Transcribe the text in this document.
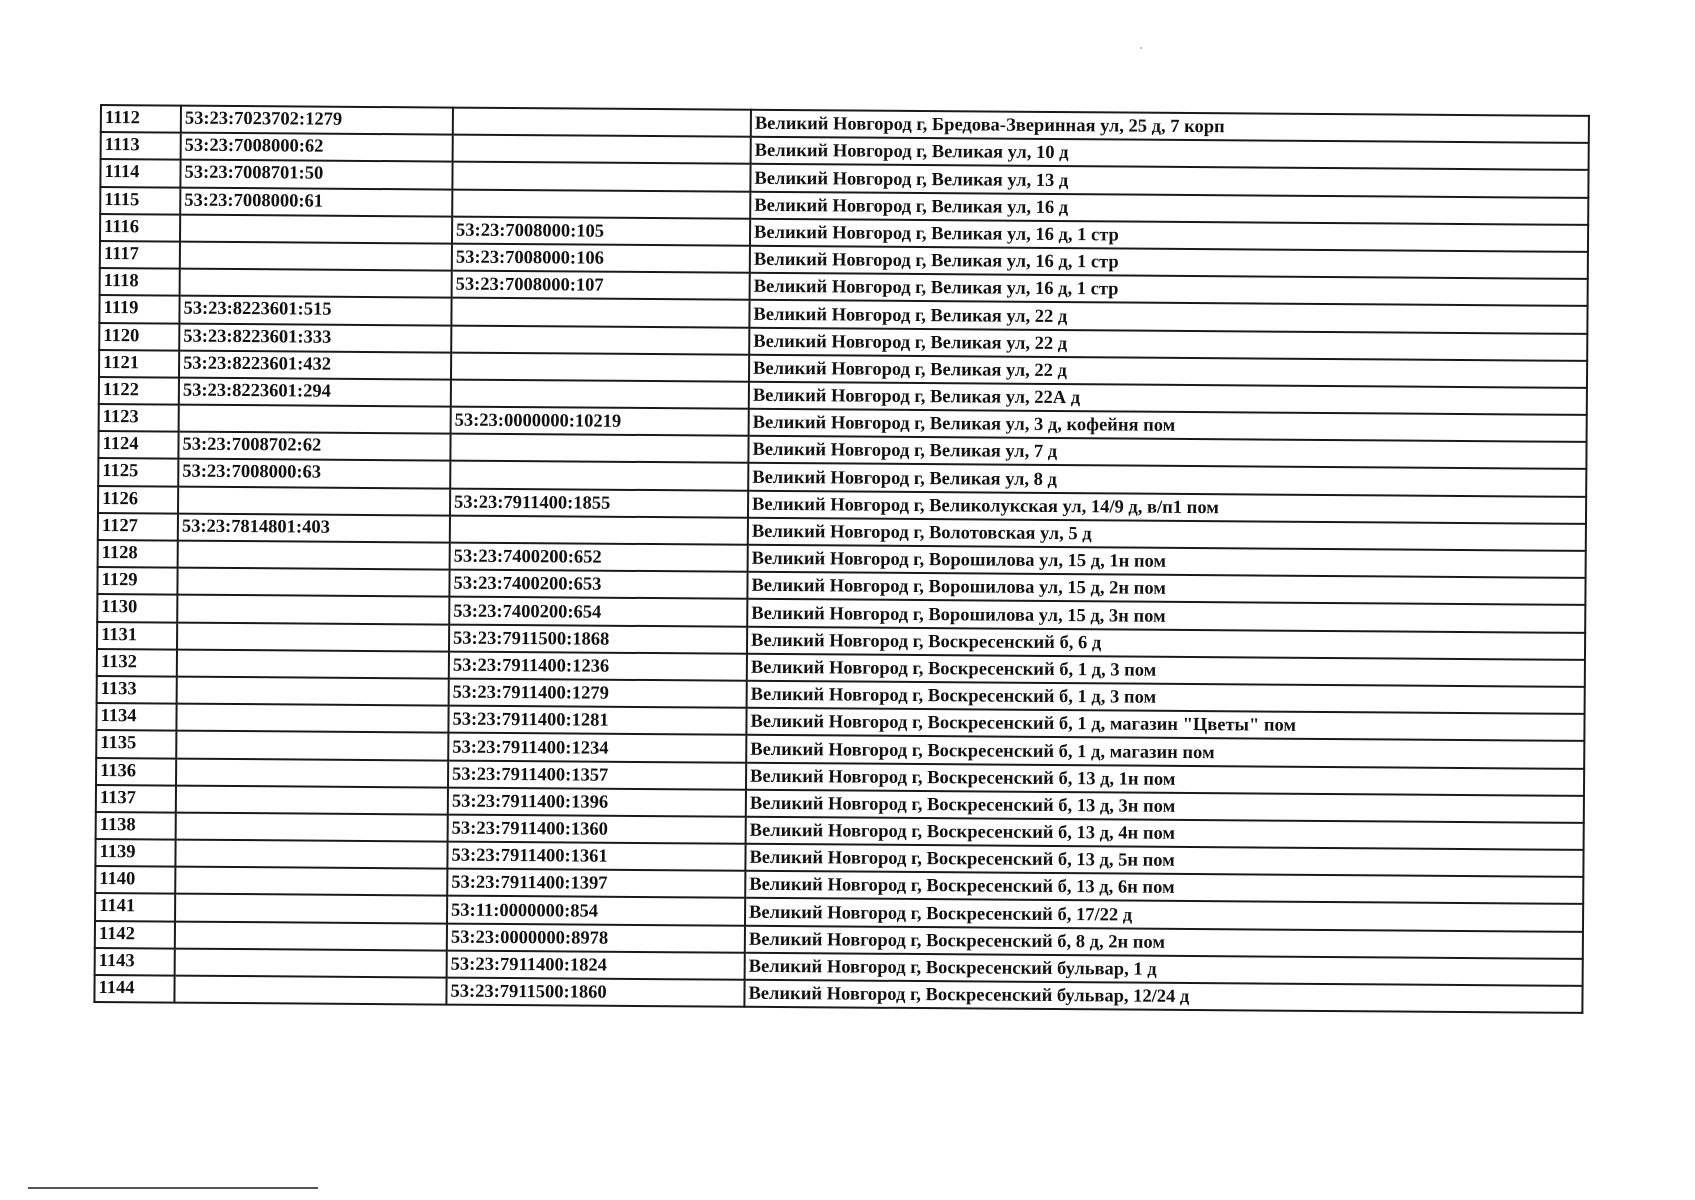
1112	53:23:7023702:1279		Великий Новгород г, Бредова-Зверинная ул, 25 д, 7 корп
1113	53:23:7008000:62		Великий Новгород г, Великая ул, 10 д
1114	53:23:7008701:50		Великий Новгород г, Великая ул, 13 д
1115	53:23:7008000:61		Великий Новгород г, Великая ул, 16 д
1116		53:23:7008000:105	Великий Новгород г, Великая ул, 16 д, 1 стр
1117		53:23:7008000:106	Великий Новгород г, Великая ул, 16 д, 1 стр
1118		53:23:7008000:107	Великий Новгород г, Великая ул, 16 д, 1 стр
1119	53:23:8223601:515		Великий Новгород г, Великая ул, 22 д
1120	53:23:8223601:333		Великий Новгород г, Великая ул, 22 д
1121	53:23:8223601:432		Великий Новгород г, Великая ул, 22 д
1122	53:23:8223601:294		Великий Новгород г, Великая ул, 22А д
1123		53:23:0000000:10219	Великий Новгород г, Великая ул, 3 д, кофейня пом
1124	53:23:7008702:62		Великий Новгород г, Великая ул, 7 д
1125	53:23:7008000:63		Великий Новгород г, Великая ул, 8 д
1126		53:23:7911400:1855	Великий Новгород г, Великолукская ул, 14/9 д, в/п1 пом
1127	53:23:7814801:403		Великий Новгород г, Волотовская ул, 5 д
1128		53:23:7400200:652	Великий Новгород г, Ворошилова ул, 15 д, 1н пом
1129		53:23:7400200:653	Великий Новгород г, Ворошилова ул, 15 д, 2н пом
1130		53:23:7400200:654	Великий Новгород г, Ворошилова ул, 15 д, 3н пом
1131		53:23:7911500:1868	Великий Новгород г, Воскресенский б, 6 д
1132		53:23:7911400:1236	Великий Новгород г, Воскресенский б, 1 д, 3 пом
1133		53:23:7911400:1279	Великий Новгород г, Воскресенский б, 1 д, 3 пом
1134		53:23:7911400:1281	Великий Новгород г, Воскресенский б, 1 д, магазин "Цветы" пом
1135		53:23:7911400:1234	Великий Новгород г, Воскресенский б, 1 д, магазин пом
1136		53:23:7911400:1357	Великий Новгород г, Воскресенский б, 13 д, 1н пом
1137		53:23:7911400:1396	Великий Новгород г, Воскресенский б, 13 д, 3н пом
1138		53:23:7911400:1360	Великий Новгород г, Воскресенский б, 13 д, 4н пом
1139		53:23:7911400:1361	Великий Новгород г, Воскресенский б, 13 д, 5н пом
1140		53:23:7911400:1397	Великий Новгород г, Воскресенский б, 13 д, 6н пом
1141		53:11:0000000:854	Великий Новгород г, Воскресенский б, 17/22 д
1142		53:23:0000000:8978	Великий Новгород г, Воскресенский б, 8 д, 2н пом
1143		53:23:7911400:1824	Великий Новгород г, Воскресенский бульвар, 1 д
1144		53:23:7911500:1860	Великий Новгород г, Воскресенский бульвар, 12/24 д
